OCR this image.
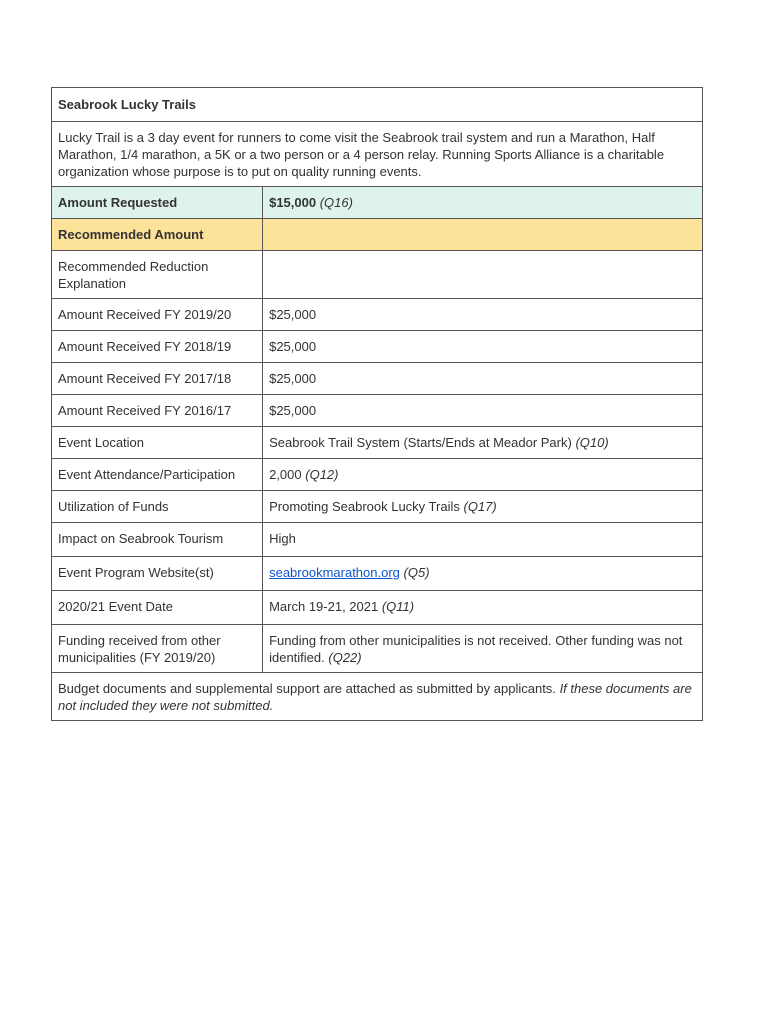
Seabrook Lucky Trails	
Lucky Trail is a 3 day event for runners to come visit the Seabrook trail system and run a Marathon, Half Marathon, 1/4 marathon, a 5K or a two person or a 4 person relay. Running Sports Alliance is a charitable organization whose purpose is to put on quality running events.	
Amount Requested	$15,000 (Q16)
Recommended Amount	
Recommended Reduction Explanation	
Amount Received FY 2019/20	$25,000
Amount Received FY 2018/19	$25,000
Amount Received FY 2017/18	$25,000
Amount Received FY 2016/17	$25,000
Event Location	Seabrook Trail System (Starts/Ends at Meador Park) (Q10)
Event Attendance/Participation	2,000 (Q12)
Utilization of Funds	Promoting Seabrook Lucky Trails (Q17)
Impact on Seabrook Tourism	High
Event Program Website(st)	seabrookmarathon.org (Q5)
2020/21 Event Date	March 19-21, 2021 (Q11)
Funding received from other municipalities (FY 2019/20)	Funding from other municipalities is not received. Other funding was not identified. (Q22)
Budget documents and supplemental support are attached as submitted by applicants. If these documents are not included they were not submitted.	
